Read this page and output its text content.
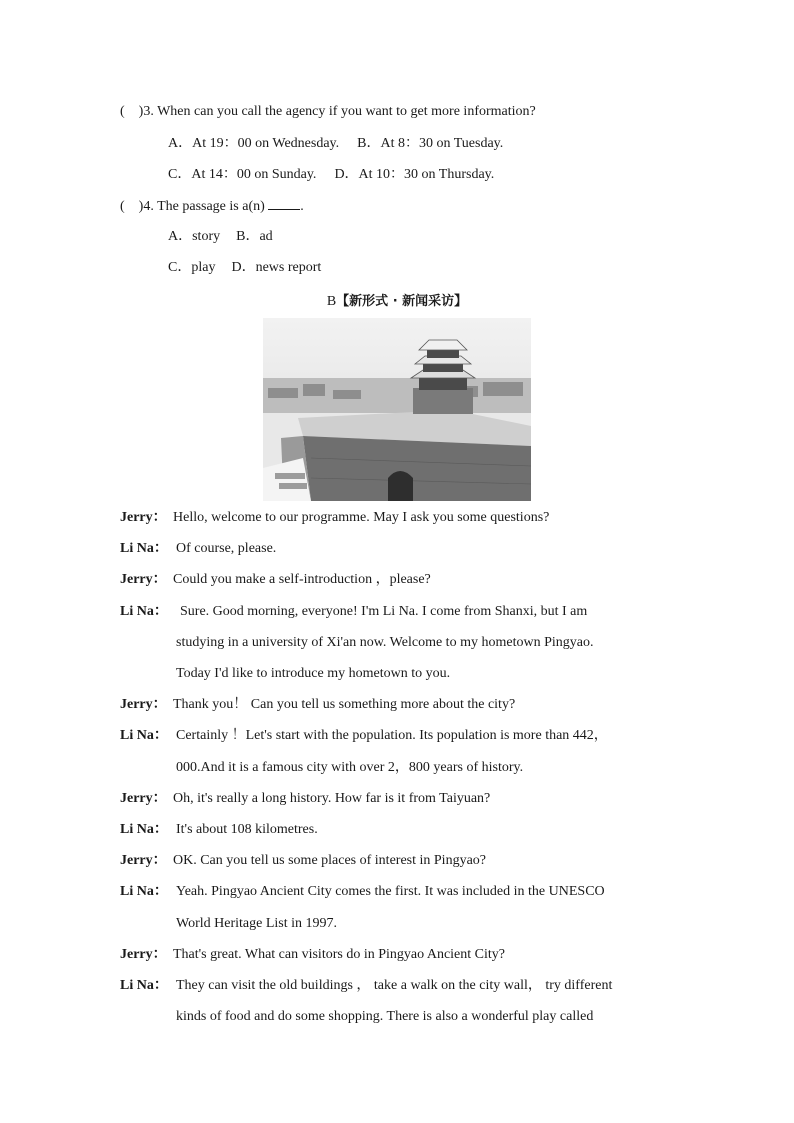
( )3. When can you call the agency if you want to get more information?
A．At 19：00 on Wednesday. B．At 8：30 on Tuesday.
C．At 14：00 on Sunday. D．At 10：30 on Thursday.
( )4. The passage is a(n)	.
A．story B．ad
C．play D．news report
B【新形式 · 新闻采访】
Jerry： Hello, welcome to our programme. May I ask you some questions?
Li Na： Of course, please.
Jerry： Could you make a self-introduction ，please?
Li Na： Sure. Good morning, everyone! I'm Li Na. I come from Shanxi, but I am
studying in a university of Xi'an now. Welcome to my hometown Pingyao.
Today I'd like to introduce my hometown to you.
Jerry： Thank you！ Can you tell us something more about the city?
Li Na： Certainly ！Let's start with the population. Its population is more than 442，
000.And it is a famous city with over 2，800 years of history.
Jerry： Oh, it's really a long history. How far is it from Taiyuan?
Li Na： It's about 108 kilometres.
Jerry： OK. Can you tell us some places of interest in Pingyao?
Li Na： Yeah. Pingyao Ancient City comes the first. It was included in the UNESCO
World Heritage List in 1997.
Jerry： That's great. What can visitors do in Pingyao Ancient City?
Li Na： They can visit the old buildings ， take a walk on the city wall， try different
kinds of food and do some shopping. There is also a wonderful play called
